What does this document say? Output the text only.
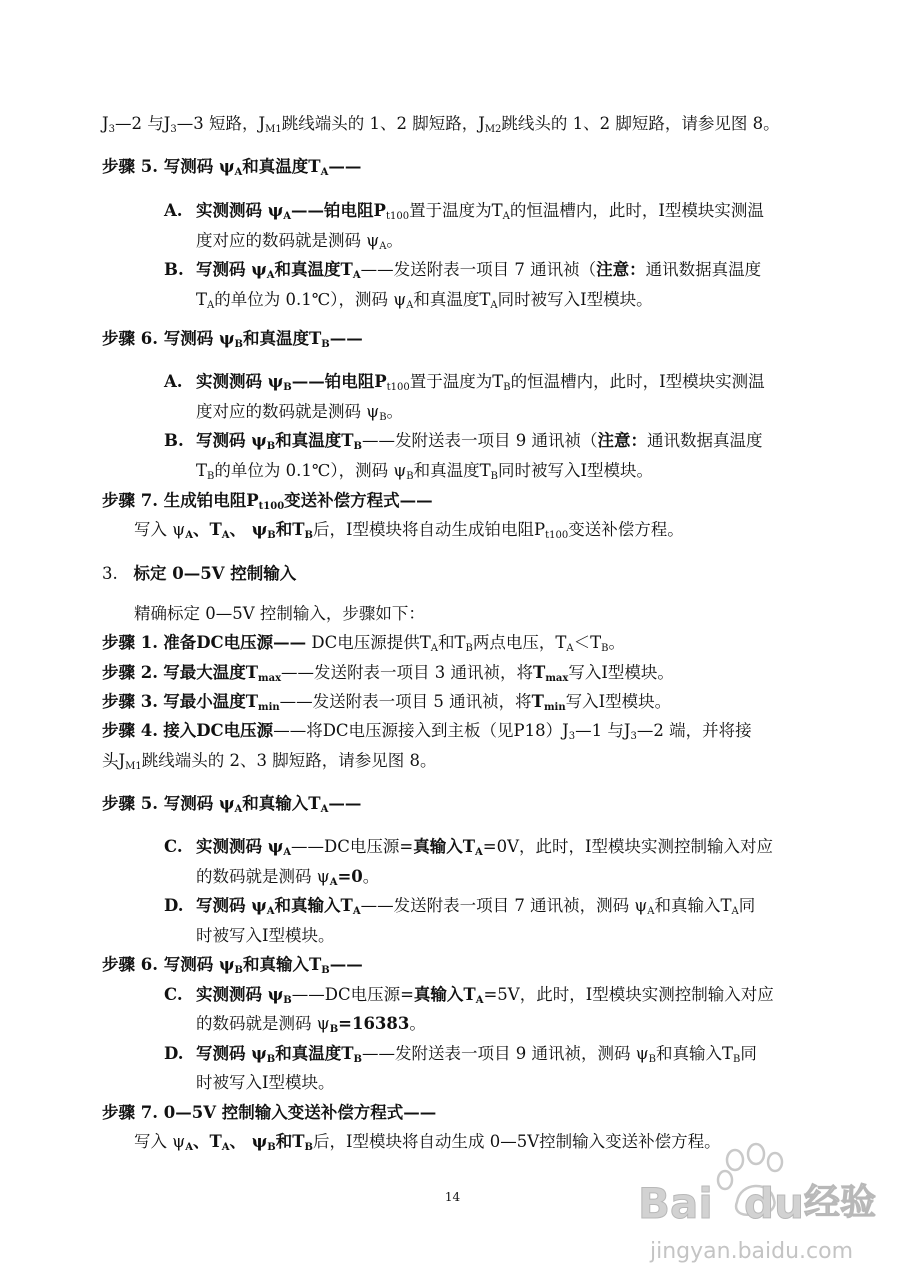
$J_3—2$ 与$J_3—3$ 短路，$J_{M1}$跳线端头的 1、2 脚短路，$J_{M2}$跳线头的 1、2 脚短路，请参见图 8。
步骤 5. 写测码 $\psi_A$和真温度$T_A——$
A. 实测测码 $\psi_A——$铂电阻$P_{t100}$置于温度为$T_A$的恒温槽内，此时，I型模块实测温
度对应的数码就是测码 $\psi_A$。
B. 写测码 $\psi_A$和真温度$T_A——$发送附表一项目 7 通讯祯（注意：通讯数据真温度
$T_A$的单位为 0.1℃），测码 $\psi_A$和真温度$T_A$同时被写入I型模块。
步骤 6. 写测码 $\psi_B$和真温度$T_B——$
A. 实测测码 $\psi_B——$铂电阻$P_{t100}$置于温度为$T_B$的恒温槽内，此时，I型模块实测温
度对应的数码就是测码 $\psi_B$。
B. 写测码 $\psi_B$和真温度$T_B——$发附送表一项目 9 通讯祯（注意：通讯数据真温度
$T_B$的单位为 0.1℃），测码 $\psi_B$和真温度$T_B$同时被写入I型模块。
步骤 7. 生成铂电阻$P_{t100}$变送补偿方程式——
写入 $\psi_A$、$T_A$、 $\psi_B$和$T_B$后，I型模块将自动生成铂电阻$P_{t100}$变送补偿方程。
3. 标定 0—5V 控制输入
精确标定 0—5V 控制输入，步骤如下：
步骤 1. 准备DC电压源—— DC电压源提供$T_A$和$T_B$两点电压，$T_A<T_B$。
步骤 2. 写最大温度$T_{max}——$发送附表一项目 3 通讯祯，将$T_{max}$写入I型模块。
步骤 3. 写最小温度$T_{min}——$发送附表一项目 5 通讯祯，将$T_{min}$写入I型模块。
步骤 4. 接入DC电压源——将DC电压源接入到主板（见$P18)J_3—1$ 与$J_3—2$ 端，并将接
头$J_{M1}$跳线端头的 2、3 脚短路，请参见图 8。
步骤 5. 写测码 $\psi_A$和真输入$T_A——$
C. 实测测码 $\psi_A——DC$电压源=真输入$T_A=0V$，此时，I型模块实测控制输入对应
的数码就是测码 $\psi_A=0$。
D. 写测码 $\psi_A$和真输入$T_A——$发送附表一项目 7 通讯祯，测码 $\psi_A$和真输入$T_A$同
时被写入I型模块。
步骤 6. 写测码 $\psi_B$和真输入$T_B——$
C. 实测测码 $\psi_B——DC$电压源=真输入$T_A=5V$，此时，I型模块实测控制输入对应
的数码就是测码 $\psi_B=16383$。
D. 写测码 $\psi_B$和真温度$T_B——$发附送表一项目 9 通讯祯，测码 $\psi_B$和真输入$T_B$同
时被写入I型模块。
步骤 7. 0—5V 控制输入变送补偿方程式——
写入 $\psi_A$、$T_A$、 $\psi_B$和$T_B$后，I型模块将自动生成 0—5V控制输入变送补偿方程。
14	Bai du 经验
jingyan.baidu.com
